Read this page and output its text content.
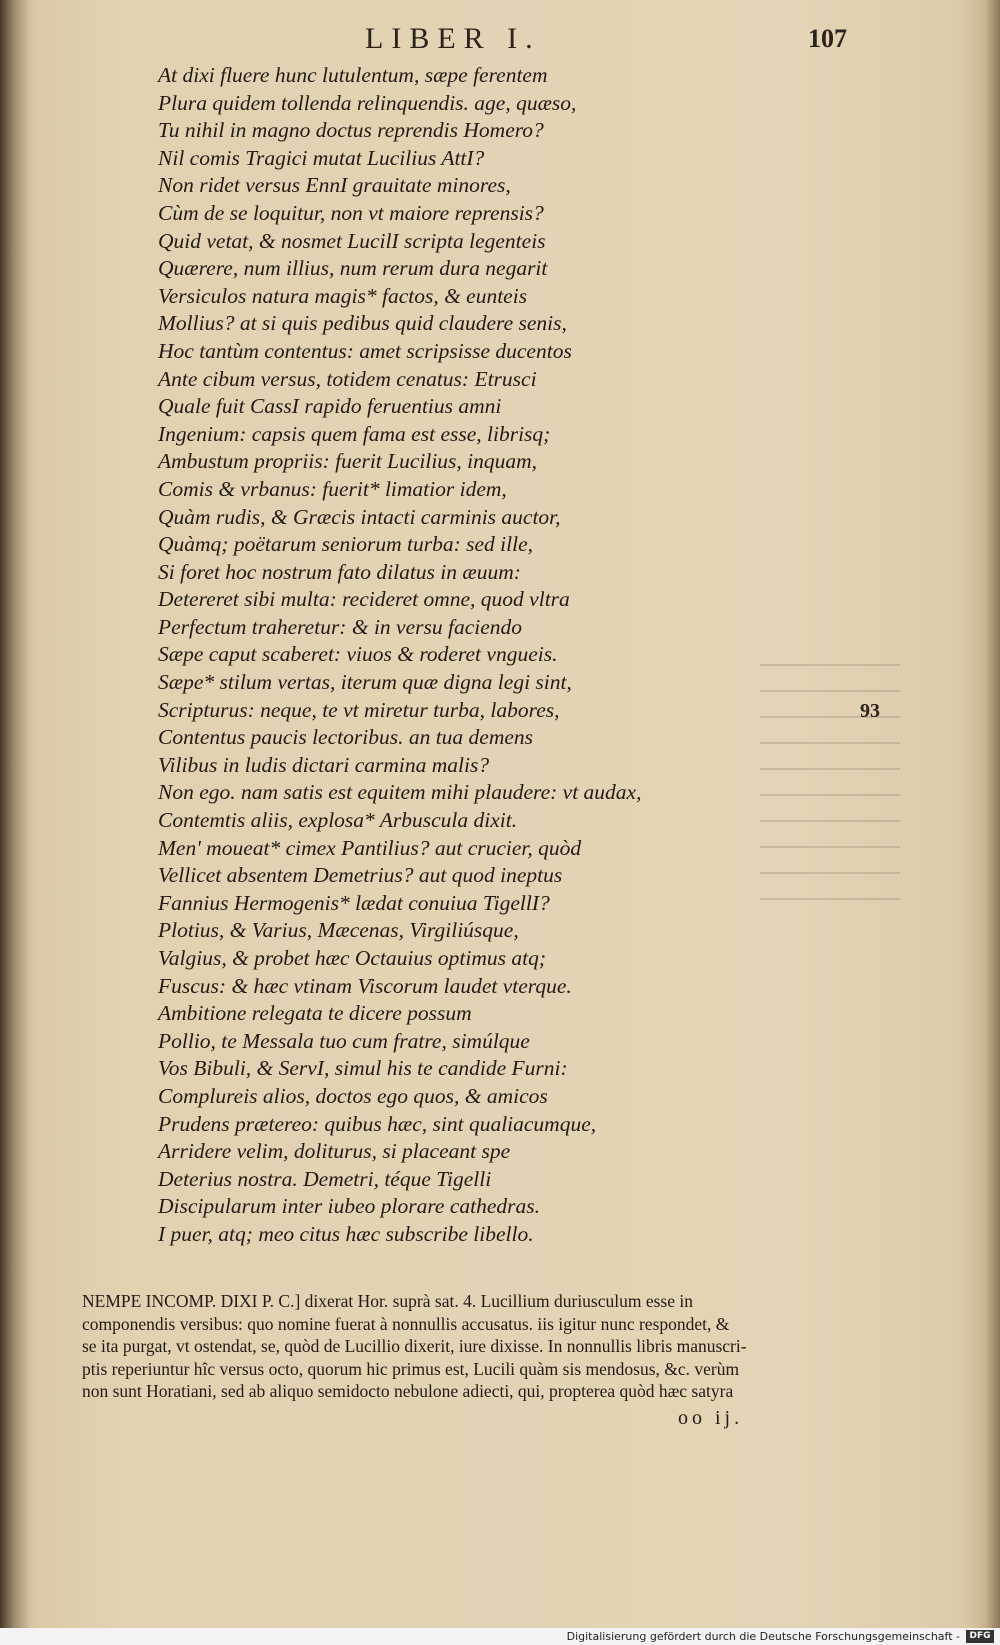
LIBER I.	107
At dixi fluere hunc lutulentum, sæpe ferentem
Plura quidem tollenda relinquendis. age, quæso,
Tu nihil in magno doctus reprendis Homero?
Nil comis Tragici mutat Lucilius AttI?
Non ridet versus EnnI grauitate minores,
Cùm de se loquitur, non vt maiore reprensis?
Quid vetat, & nosmet LucilI scripta legenteis
Quærere, num illius, num rerum dura negarit
Versiculos natura magis* factos, & eunteis
Mollius? at si quis pedibus quid claudere senis,
Hoc tantùm contentus: amet scripsisse ducentos
Ante cibum versus, totidem cenatus: Etrusci
Quale fuit CassI rapido feruentius amni
Ingenium: capsis quem fama est esse, librisq;
Ambustum propriis: fuerit Lucilius, inquam,
Comis & vrbanus: fuerit* limatior idem,
Quàm rudis, & Græcis intacti carminis auctor,
Quàmq; poëtarum seniorum turba: sed ille,
Si foret hoc nostrum fato dilatus in æuum:
Detereret sibi multa: recideret omne, quod vltra
Perfectum traheretur: & in versu faciendo
Sæpe caput scaberet: viuos & roderet vngueis.
Sæpe* stilum vertas, iterum quæ digna legi sint,
Scripturus: neque, te vt miretur turba, labores,
Contentus paucis lectoribus. an tua demens
Vilibus in ludis dictari carmina malis?
Non ego. nam satis est equitem mihi plaudere: vt audax,
Contemtis aliis, explosa* Arbuscula dixit.
Men' moueat* cimex Pantilius? aut crucier, quòd
Vellicet absentem Demetrius? aut quod ineptus
Fannius Hermogenis* lædat conuiua TigellI?
Plotius, & Varius, Mæcenas, Virgiliúsque,
Valgius, & probet hæc Octauius optimus atq;
Fuscus: & hæc vtinam Viscorum laudet vterque.
Ambitione relegata te dicere possum
Pollio, te Messala tuo cum fratre, simúlque
Vos Bibuli, & ServI, simul his te candide Furni:
Complureis alios, doctos ego quos, & amicos
Prudens prætereo: quibus hæc, sint qualiacumque,
Arridere velim, doliturus, si placeant spe
Deterius nostra. Demetri, téque Tigelli
Discipularum inter iubeo plorare cathedras.
I puer, atq; meo citus hæc subscribe libello.
93
NEMPE INCOMP. DIXI P. C.] dixerat Hor. suprà sat. 4. Lucillium duriusculum esse in
componendis versibus: quo nomine fuerat à nonnullis accusatus. iis igitur nunc respondet, &
se ita purgat, vt ostendat, se, quòd de Lucillio dixerit, iure dixisse. In nonnullis libris manuscri-
ptis reperiuntur hîc versus octo, quorum hic primus est, Lucili quàm sis mendosus, &c. verùm
non sunt Horatiani, sed ab aliquo semidocto nebulone adiecti, qui, propterea quòd hæc satyra
oo ij.
Digitalisierung gefördert durch die Deutsche Forschungsgemeinschaft -	DFG
